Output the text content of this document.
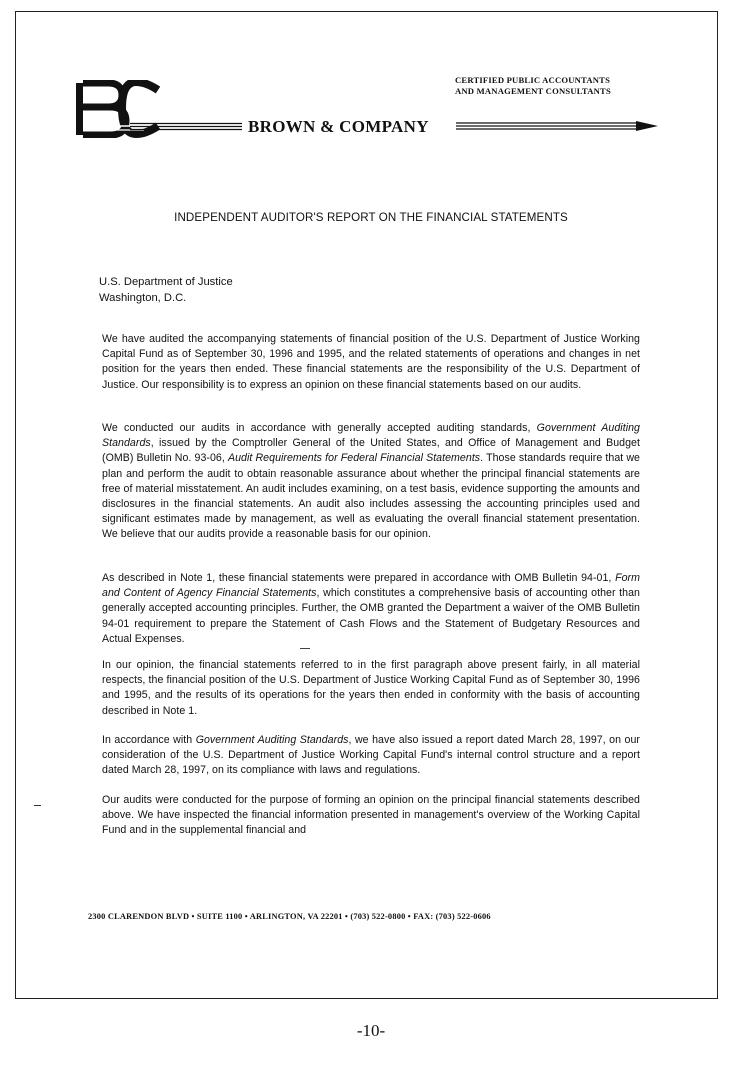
CERTIFIED PUBLIC ACCOUNTANTS
AND MANAGEMENT CONSULTANTS
BROWN & COMPANY
INDEPENDENT AUDITOR'S REPORT ON THE FINANCIAL STATEMENTS
U.S. Department of Justice
Washington, D.C.

We have audited the accompanying statements of financial position of the U.S. Department of Justice Working Capital Fund as of September 30, 1996 and 1995, and the related statements of operations and changes in net position for the years then ended. These financial statements are the responsibility of the U.S. Department of Justice. Our responsibility is to express an opinion on these financial statements based on our audits.

We conducted our audits in accordance with generally accepted auditing standards, Government Auditing Standards, issued by the Comptroller General of the United States, and Office of Management and Budget (OMB) Bulletin No. 93-06, Audit Requirements for Federal Financial Statements. Those standards require that we plan and perform the audit to obtain reasonable assurance about whether the principal financial statements are free of material misstatement. An audit includes examining, on a test basis, evidence supporting the amounts and disclosures in the financial statements. An audit also includes assessing the accounting principles used and significant estimates made by management, as well as evaluating the overall financial statement presentation. We believe that our audits provide a reasonable basis for our opinion.

As described in Note 1, these financial statements were prepared in accordance with OMB Bulletin 94-01, Form and Content of Agency Financial Statements, which constitutes a comprehensive basis of accounting other than generally accepted accounting principles. Further, the OMB granted the Department a waiver of the OMB Bulletin 94-01 requirement to prepare the Statement of Cash Flows and the Statement of Budgetary Resources and Actual Expenses.

In our opinion, the financial statements referred to in the first paragraph above present fairly, in all material respects, the financial position of the U.S. Department of Justice Working Capital Fund as of September 30, 1996 and 1995, and the results of its operations for the years then ended in conformity with the basis of accounting described in Note 1.

In accordance with Government Auditing Standards, we have also issued a report dated March 28, 1997, on our consideration of the U.S. Department of Justice Working Capital Fund's internal control structure and a report dated March 28, 1997, on its compliance with laws and regulations.

Our audits were conducted for the purpose of forming an opinion on the principal financial statements described above. We have inspected the financial information presented in management's overview of the Working Capital Fund and in the supplemental financial and

2300 CLARENDON BLVD • SUITE 1100 • ARLINGTON, VA 22201 • (703) 522-0800 • FAX: (703) 522-0606
-10-
